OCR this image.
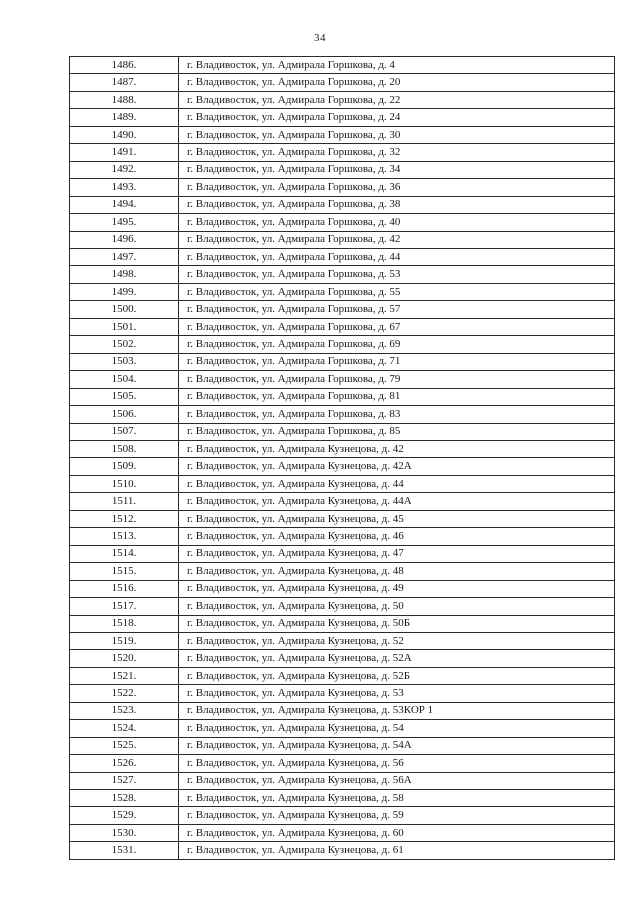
34
1486.	г. Владивосток, ул. Адмирала Горшкова, д. 4
1487.	г. Владивосток, ул. Адмирала Горшкова, д. 20
1488.	г. Владивосток, ул. Адмирала Горшкова, д. 22
1489.	г. Владивосток, ул. Адмирала Горшкова, д. 24
1490.	г. Владивосток, ул. Адмирала Горшкова, д. 30
1491.	г. Владивосток, ул. Адмирала Горшкова, д. 32
1492.	г. Владивосток, ул. Адмирала Горшкова, д. 34
1493.	г. Владивосток, ул. Адмирала Горшкова, д. 36
1494.	г. Владивосток, ул. Адмирала Горшкова, д. 38
1495.	г. Владивосток, ул. Адмирала Горшкова, д. 40
1496.	г. Владивосток, ул. Адмирала Горшкова, д. 42
1497.	г. Владивосток, ул. Адмирала Горшкова, д. 44
1498.	г. Владивосток, ул. Адмирала Горшкова, д. 53
1499.	г. Владивосток, ул. Адмирала Горшкова, д. 55
1500.	г. Владивосток, ул. Адмирала Горшкова, д. 57
1501.	г. Владивосток, ул. Адмирала Горшкова, д. 67
1502.	г. Владивосток, ул. Адмирала Горшкова, д. 69
1503.	г. Владивосток, ул. Адмирала Горшкова, д. 71
1504.	г. Владивосток, ул. Адмирала Горшкова, д. 79
1505.	г. Владивосток, ул. Адмирала Горшкова, д. 81
1506.	г. Владивосток, ул. Адмирала Горшкова, д. 83
1507.	г. Владивосток, ул. Адмирала Горшкова, д. 85
1508.	г. Владивосток, ул. Адмирала Кузнецова, д. 42
1509.	г. Владивосток, ул. Адмирала Кузнецова, д. 42А
1510.	г. Владивосток, ул. Адмирала Кузнецова, д. 44
1511.	г. Владивосток, ул. Адмирала Кузнецова, д. 44А
1512.	г. Владивосток, ул. Адмирала Кузнецова, д. 45
1513.	г. Владивосток, ул. Адмирала Кузнецова, д. 46
1514.	г. Владивосток, ул. Адмирала Кузнецова, д. 47
1515.	г. Владивосток, ул. Адмирала Кузнецова, д. 48
1516.	г. Владивосток, ул. Адмирала Кузнецова, д. 49
1517.	г. Владивосток, ул. Адмирала Кузнецова, д. 50
1518.	г. Владивосток, ул. Адмирала Кузнецова, д. 50Б
1519.	г. Владивосток, ул. Адмирала Кузнецова, д. 52
1520.	г. Владивосток, ул. Адмирала Кузнецова, д. 52А
1521.	г. Владивосток, ул. Адмирала Кузнецова, д. 52Б
1522.	г. Владивосток, ул. Адмирала Кузнецова, д. 53
1523.	г. Владивосток, ул. Адмирала Кузнецова, д. 53КОР 1
1524.	г. Владивосток, ул. Адмирала Кузнецова, д. 54
1525.	г. Владивосток, ул. Адмирала Кузнецова, д. 54А
1526.	г. Владивосток, ул. Адмирала Кузнецова, д. 56
1527.	г. Владивосток, ул. Адмирала Кузнецова, д. 56А
1528.	г. Владивосток, ул. Адмирала Кузнецова, д. 58
1529.	г. Владивосток, ул. Адмирала Кузнецова, д. 59
1530.	г. Владивосток, ул. Адмирала Кузнецова, д. 60
1531.	г. Владивосток, ул. Адмирала Кузнецова, д. 61
